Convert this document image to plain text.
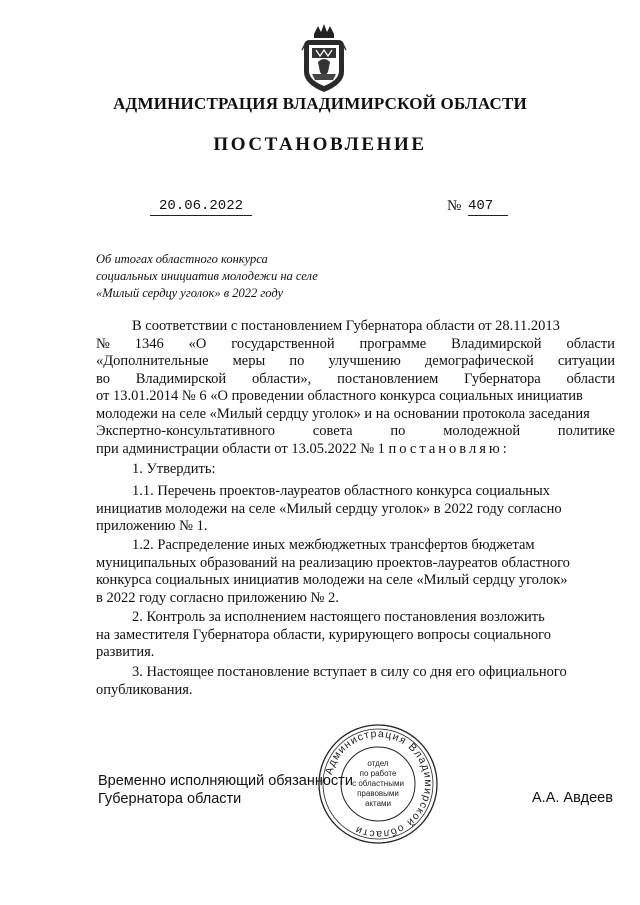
АДМИНИСТРАЦИЯ ВЛАДИМИРСКОЙ ОБЛАСТИ
ПОСТАНОВЛЕНИЕ
20.06.2022	№ 407
Об итогах областного конкурса
социальных инициатив молодежи на селе
«Милый сердцу уголок» в 2022 году
В соответствии с постановлением Губернатора области от 28.11.2013
№ 1346 «О государственной программе Владимирской области
«Дополнительные меры по улучшению демографической ситуации
во Владимирской области», постановлением Губернатора области
от 13.01.2014 № 6 «О проведении областного конкурса социальных инициатив
молодежи на селе «Милый сердцу уголок» и на основании протокола заседания
Экспертно-консультативного	совета	по	молодежной	политике
при администрации области от 13.05.2022 № 1 постановляю:
1. Утвердить:
1.1. Перечень проектов-лауреатов областного конкурса социальных
инициатив молодежи на селе «Милый сердцу уголок» в 2022 году согласно
приложению № 1.
1.2. Распределение иных межбюджетных трансфертов бюджетам
муниципальных образований на реализацию проектов-лауреатов областного
конкурса социальных инициатив молодежи на селе «Милый сердцу уголок»
в 2022 году согласно приложению № 2.
2. Контроль за исполнением настоящего постановления возложить
на заместителя Губернатора области, курирующего вопросы социального
развития.
3. Настоящее постановление вступает в силу со дня его официального
опубликования.
Временно исполняющий обязанности
Губернатора области	А.А. Авдеев
Администрация Владимирской области
отдел
по работе
с областными
правовыми
актами
